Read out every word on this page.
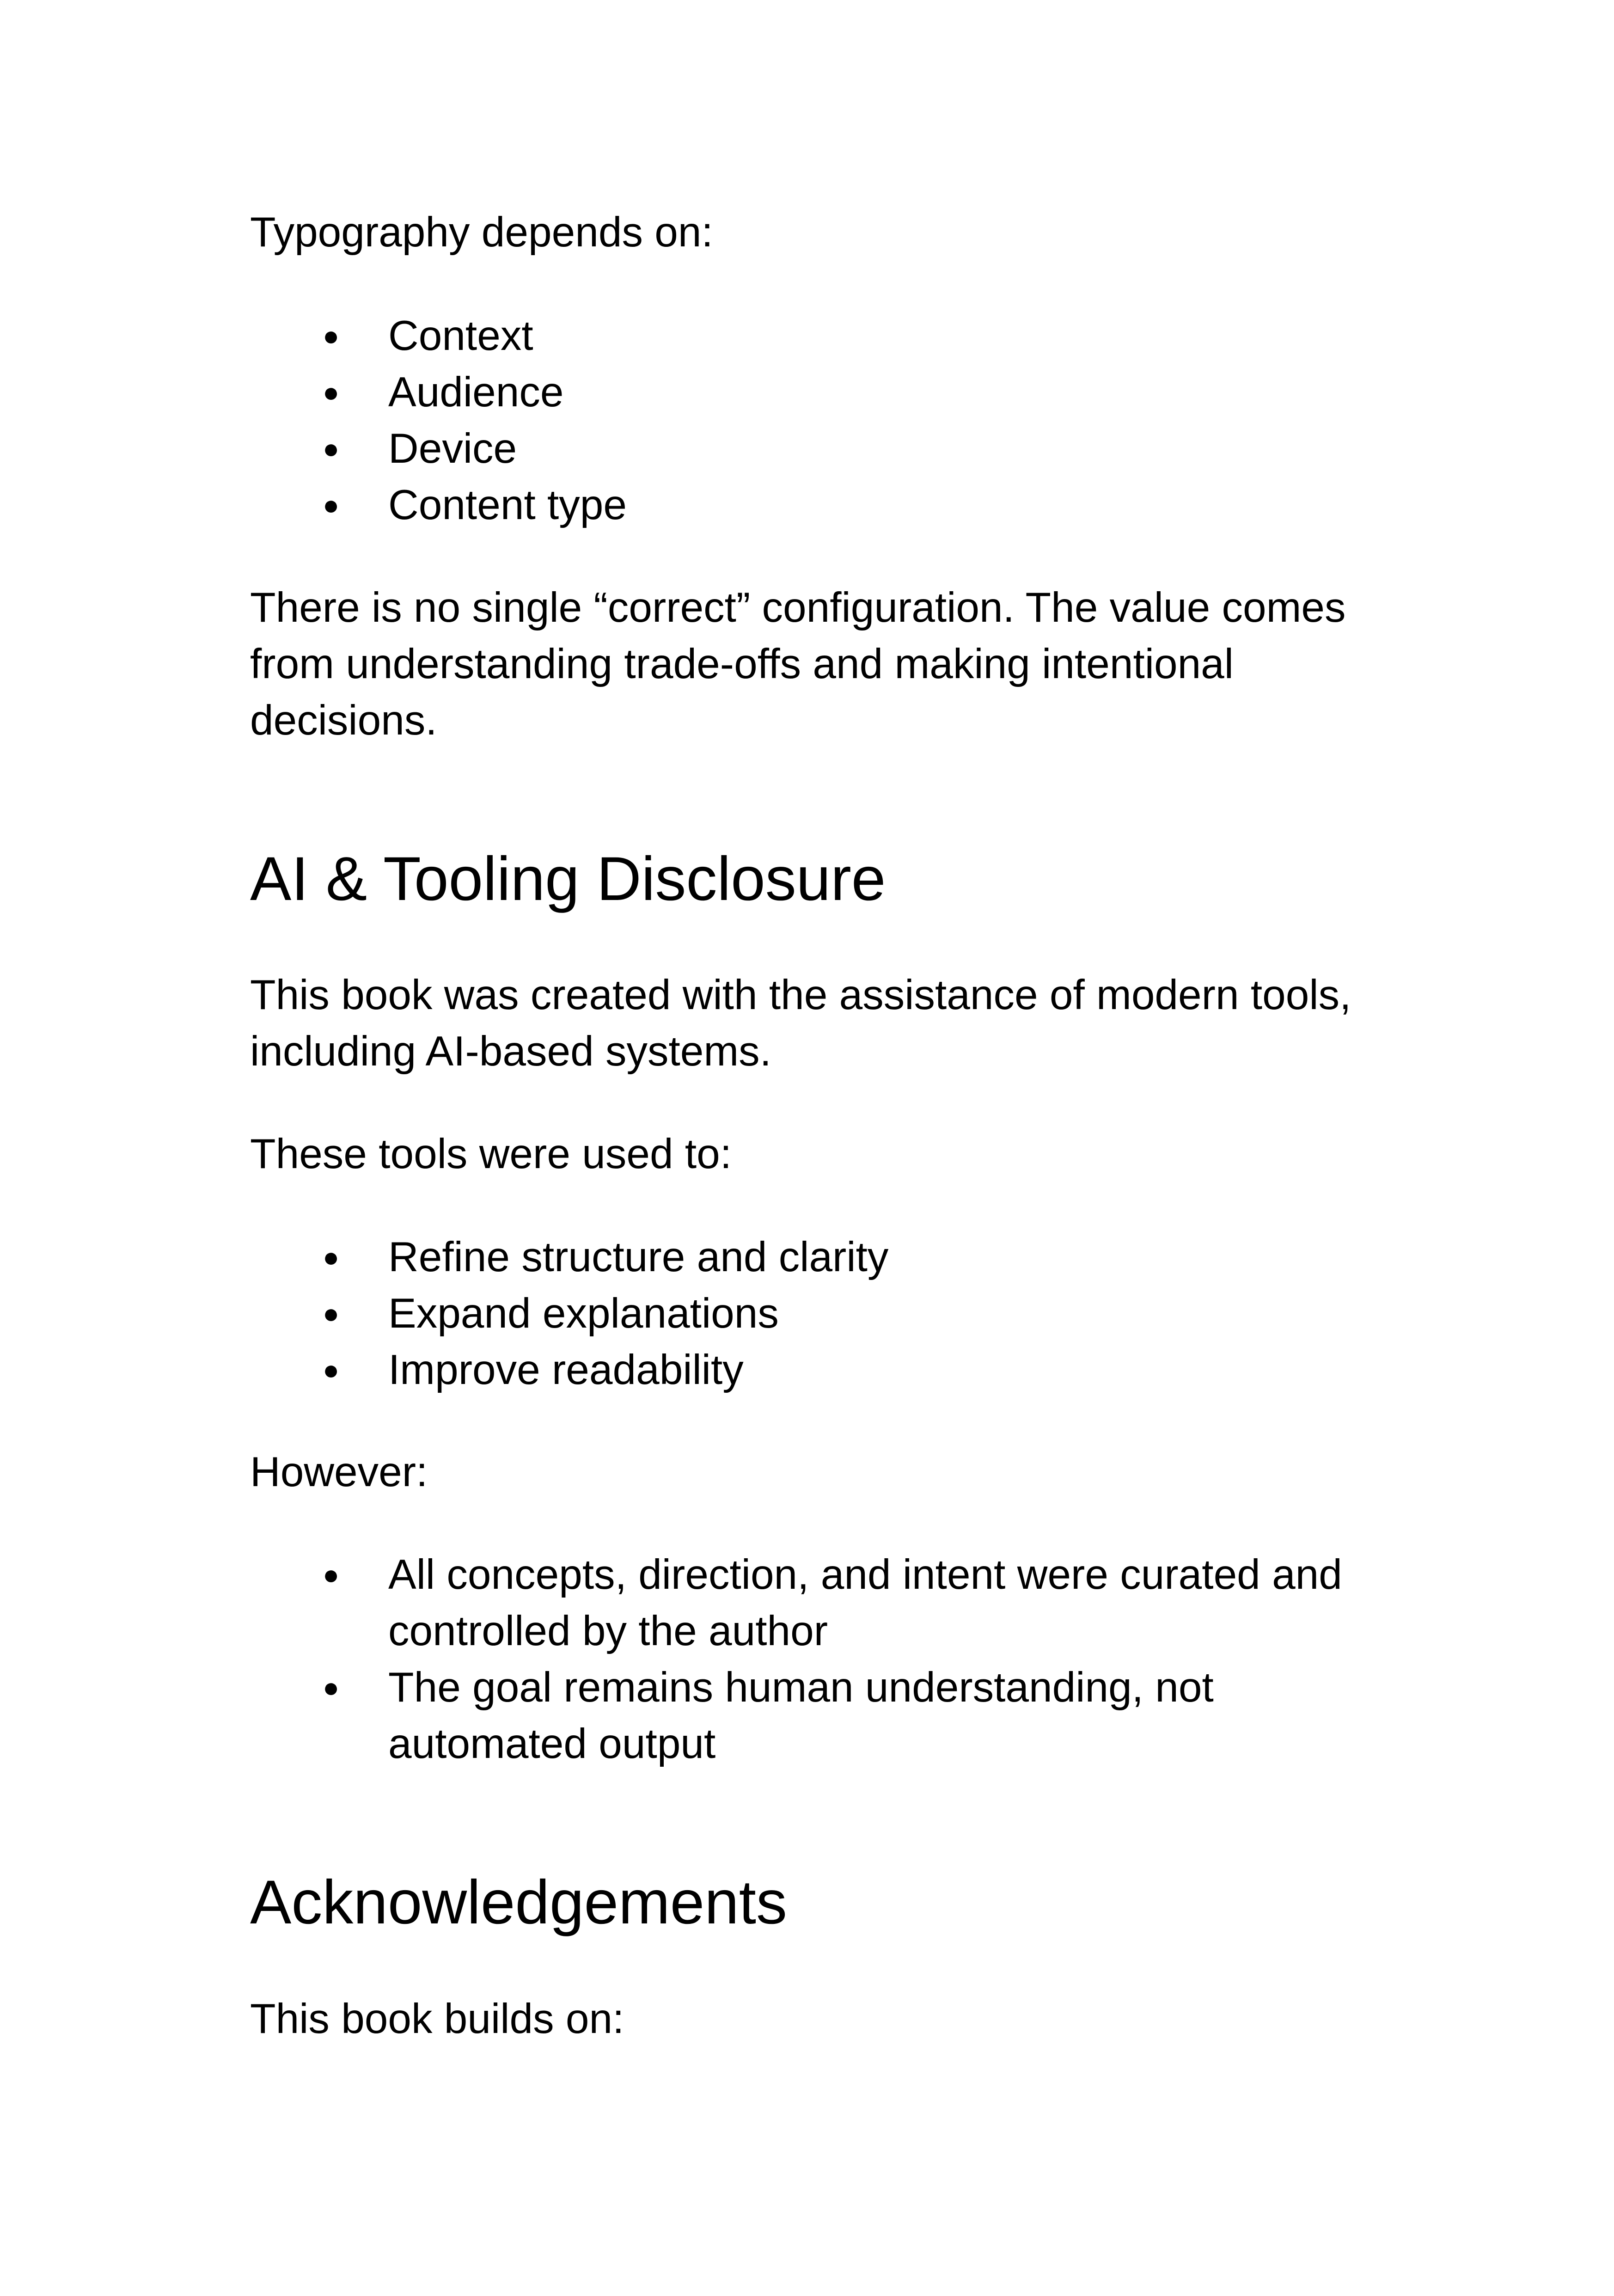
Typography depends on:

● Context
● Audience
● Device
● Content type

There is no single “correct” configuration. The value comes

from understanding trade-offs and making intentional

decisions.

AI & Tooling Disclosure

This book was created with the assistance of modern tools,

including AI-based systems.

These tools were used to:

● Refine structure and clarity
● Expand explanations
● Improve readability

However:

● All concepts, direction, and intent were curated and
controlled by the author
● The goal remains human understanding, not
automated output
Acknowledgements

This book builds on:
